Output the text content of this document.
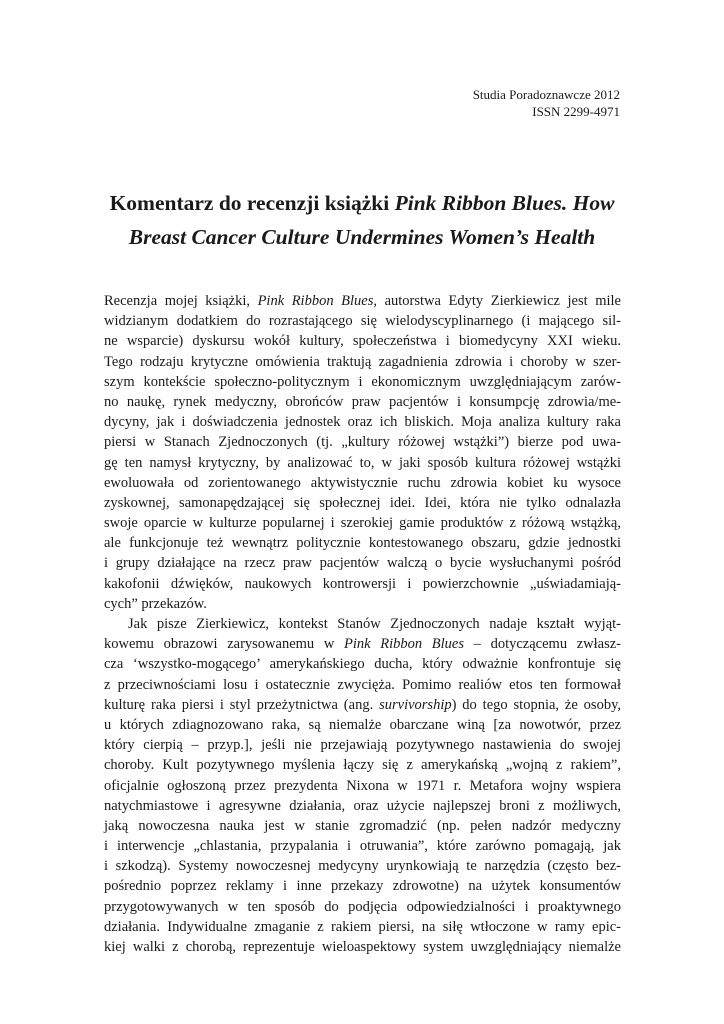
Studia Poradoznawcze 2012
ISSN 2299-4971
Komentarz do recenzji książki Pink Ribbon Blues. How
Breast Cancer Culture Undermines Women’s Health
Recenzja mojej książki, Pink Ribbon Blues, autorstwa Edyty Zierkiewicz jest mile
widzianym dodatkiem do rozrastającego się wielodyscyplinarnego (i mającego sil-
ne wsparcie) dyskursu wokół kultury, społeczeństwa i biomedycyny XXI wieku.
Tego rodzaju krytyczne omówienia traktują zagadnienia zdrowia i choroby w szer-
szym kontekście społeczno-politycznym i ekonomicznym uwzględniającym zarów-
no naukę, rynek medyczny, obrońców praw pacjentów i konsumpcję zdrowia/me-
dycyny, jak i doświadczenia jednostek oraz ich bliskich. Moja analiza kultury raka
piersi w Stanach Zjednoczonych (tj. „kultury różowej wstążki”) bierze pod uwa-
gę ten namysł krytyczny, by analizować to, w jaki sposób kultura różowej wstążki
ewoluowała od zorientowanego aktywistycznie ruchu zdrowia kobiet ku wysoce
zyskownej, samonapędzającej się społecznej idei. Idei, która nie tylko odnalazła
swoje oparcie w kulturze popularnej i szerokiej gamie produktów z różową wstążką,
ale funkcjonuje też wewnątrz politycznie kontestowanego obszaru, gdzie jednostki
i grupy działające na rzecz praw pacjentów walczą o bycie wysłuchanymi pośród
kakofonii dźwięków, naukowych kontrowersji i powierzchownie „uświadamiają-
cych” przekazów.
Jak pisze Zierkiewicz, kontekst Stanów Zjednoczonych nadaje kształt wyjąt-
kowemu obrazowi zarysowanemu w Pink Ribbon Blues – dotyczącemu zwłasz-
cza ‘wszystko-mogącego’ amerykańskiego ducha, który odważnie konfrontuje się
z przeciwnościami losu i ostatecznie zwycięża. Pomimo realiów etos ten formował
kulturę raka piersi i styl przeżytnictwa (ang. survivorship) do tego stopnia, że osoby,
u których zdiagnozowano raka, są niemalże obarczane winą [za nowotwór, przez
który cierpią – przyp.], jeśli nie przejawiają pozytywnego nastawienia do swojej
choroby. Kult pozytywnego myślenia łączy się z amerykańską „wojną z rakiem”,
oficjalnie ogłoszoną przez prezydenta Nixona w 1971 r. Metafora wojny wspiera
natychmiastowe i agresywne działania, oraz użycie najlepszej broni z możliwych,
jaką nowoczesna nauka jest w stanie zgromadzić (np. pełen nadzór medyczny
i interwencje „chlastania, przypalania i otruwania”, które zarówno pomagają, jak
i szkodzą). Systemy nowoczesnej medycyny urynkowiają te narzędzia (często bez-
pośrednio poprzez reklamy i inne przekazy zdrowotne) na użytek konsumentów
przygotowywanych w ten sposób do podjęcia odpowiedzialności i proaktywnego
działania. Indywidualne zmaganie z rakiem piersi, na siłę wtłoczone w ramy epic-
kiej walki z chorobą, reprezentuje wieloaspektowy system uwzględniający niemalże
